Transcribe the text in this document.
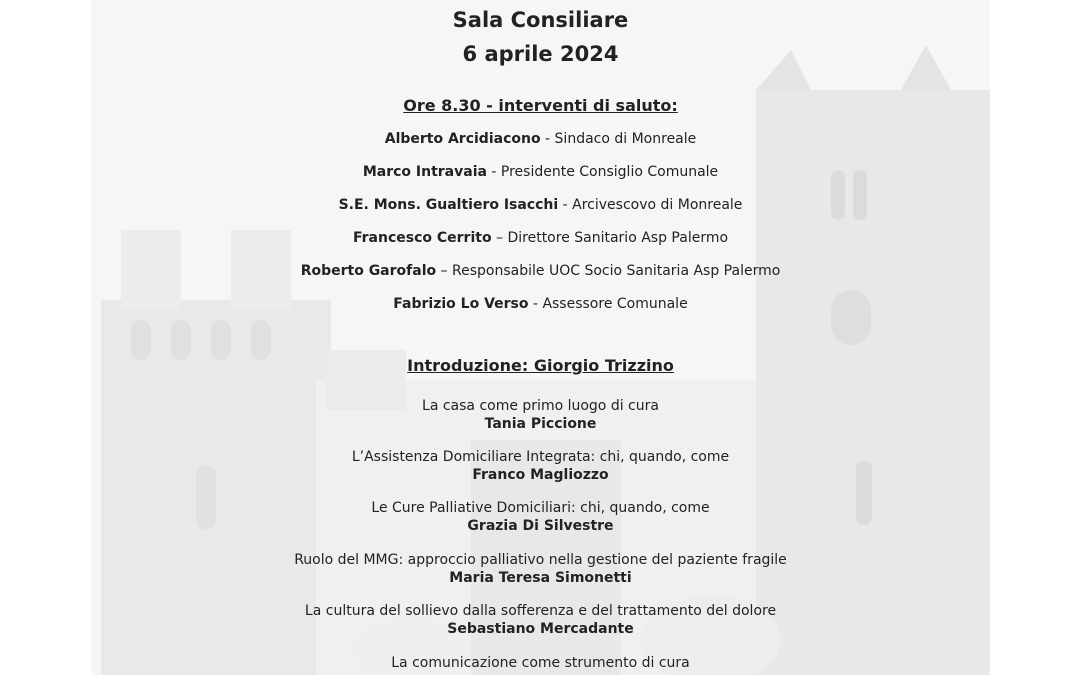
Sala Consiliare
6 aprile 2024
Ore 8.30 - interventi di saluto:
Alberto Arcidiacono - Sindaco di Monreale
Marco Intravaia - Presidente Consiglio Comunale
S.E. Mons. Gualtiero Isacchi - Arcivescovo di Monreale
Francesco Cerrito – Direttore Sanitario Asp Palermo
Roberto Garofalo – Responsabile UOC Socio Sanitaria Asp Palermo
Fabrizio Lo Verso - Assessore Comunale
Introduzione: Giorgio Trizzino
La casa come primo luogo di cura
Tania Piccione
L’Assistenza Domiciliare Integrata: chi, quando, come
Franco Magliozzo
Le Cure Palliative Domiciliari: chi, quando, come
Grazia Di Silvestre
Ruolo del MMG: approccio palliativo nella gestione del paziente fragile
Maria Teresa Simonetti
La cultura del sollievo dalla sofferenza e del trattamento del dolore
Sebastiano Mercadante
La comunicazione come strumento di cura
